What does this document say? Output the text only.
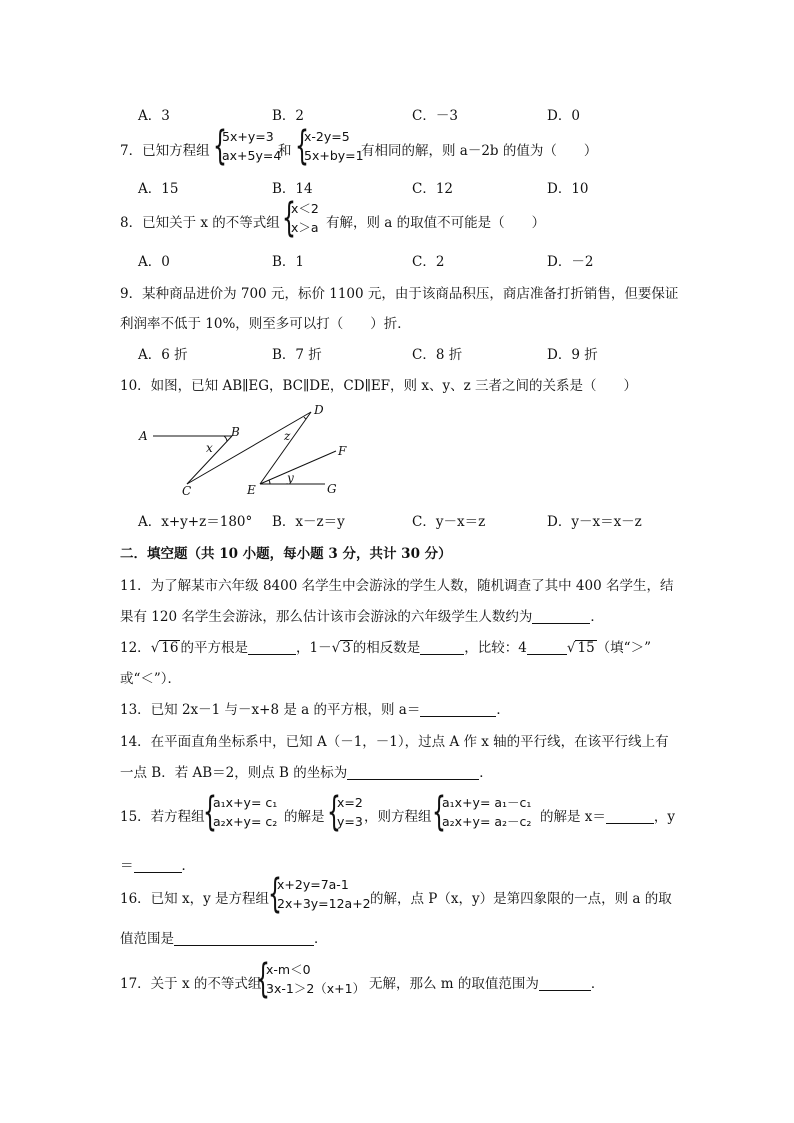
A．3	B．2	C．－3	D．0
7．已知方程组 {
5x+y=3
ax+5y=4
和 {
x-2y=5
5x+by=1
有相同的解，则 a－2b 的值为（　　）
A．15	B．14	C．12	D．10
8．已知关于 x 的不等式组 {
x＜2
x＞a 有解，则 a 的取值不可能是（　　）
A．0	B．1	C．2	D．－2
9．某种商品进价为 700 元，标价 1100 元，由于该商品积压，商店准备打折销售，但要保证
利润率不低于 10%，则至多可以打（　　）折．
A．6 折	B．7 折	C．8 折	D．9 折
10．如图，已知 AB∥EG，BC∥DE，CD∥EF，则 x、y、z 三者之间的关系是（　　）
A	B
C
D
E
F
G
x
z
y
A．x+y+z＝180° B．x－z＝y	C．y－x＝z	D．y－x＝x－z
二．填空题（共 10 小题，每小题 3 分，共计 30 分）
11．为了解某市六年级 8400 名学生中会游泳的学生人数，随机调查了其中 400 名学生，结
果有 120 名学生会游泳，那么估计该市会游泳的六年级学生人数约为	．
12．√ 16 的平方根是	，1－√ 3 的相反数是	，比较：4	√ 15 （填“＞”
或“＜”）．
13．已知 2x－1 与－x+8 是 a 的平方根，则 a＝	．
14．在平面直角坐标系中，已知 A（－1，－1），过点 A 作 x 轴的平行线，在该平行线上有
一点 B．若 AB＝2，则点 B 的坐标为	．
15．若方程组
{
a₁x+y= c₁
a₂x+y= c₂ 的解是 {
x=2
y=3 ，则方程组 {
a₁x+y= a₁－c₁
a₂x+y= a₂－c₂ 的解是 x＝	，y
＝	．
16．已知 x，y 是方程组
{
x+2y=7a-1
2x+3y=12a+2 的解，点 P（x，y）是第四象限的一点，则 a 的取
值范围是	．
17．关于 x 的不等式组
{
x-m＜0
3x-1＞2（x+1） 无解，那么 m 的取值范围为	．
